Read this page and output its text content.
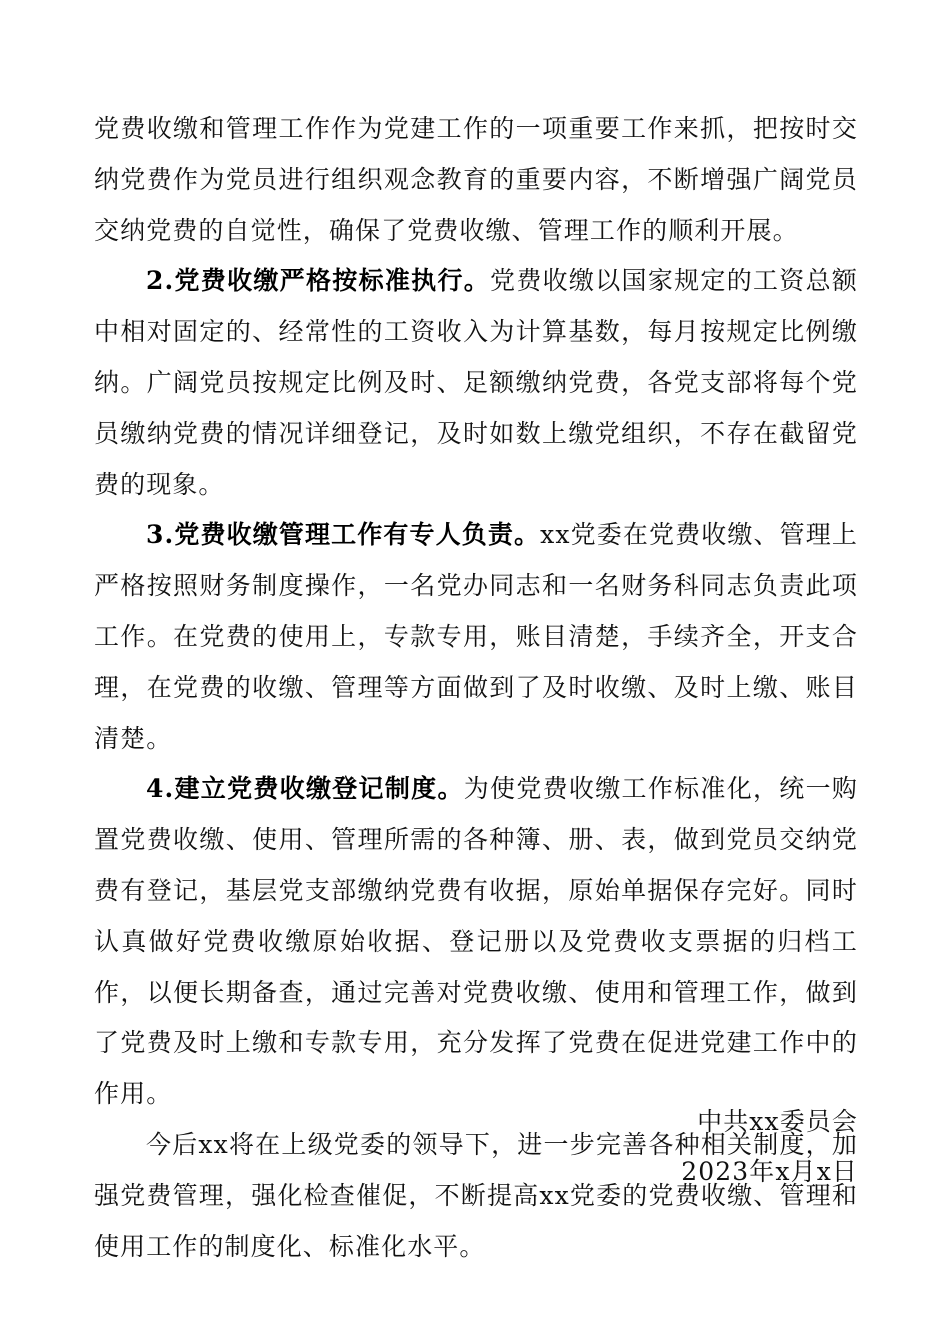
党费收缴和管理工作作为党建工作的一项重要工作来抓，把按时交纳党费作为党员进行组织观念教育的重要内容，不断增强广阔党员交纳党费的自觉性，确保了党费收缴、管理工作的顺利开展。

2.党费收缴严格按标准执行。党费收缴以国家规定的工资总额中相对固定的、经常性的工资收入为计算基数，每月按规定比例缴纳。广阔党员按规定比例及时、足额缴纳党费，各党支部将每个党员缴纳党费的情况详细登记，及时如数上缴党组织，不存在截留党费的现象。

3.党费收缴管理工作有专人负责。xx党委在党费收缴、管理上严格按照财务制度操作，一名党办同志和一名财务科同志负责此项工作。在党费的使用上，专款专用，账目清楚，手续齐全，开支合理，在党费的收缴、管理等方面做到了及时收缴、及时上缴、账目清楚。

4.建立党费收缴登记制度。为使党费收缴工作标准化，统一购置党费收缴、使用、管理所需的各种簿、册、表，做到党员交纳党费有登记，基层党支部缴纳党费有收据，原始单据保存完好。同时认真做好党费收缴原始收据、登记册以及党费收支票据的归档工作，以便长期备查，通过完善对党费收缴、使用和管理工作，做到了党费及时上缴和专款专用，充分发挥了党费在促进党建工作中的作用。

今后xx将在上级党委的领导下，进一步完善各种相关制度，加强党费管理，强化检查催促，不断提高xx党委的党费收缴、管理和使用工作的制度化、标准化水平。

中共xx委员会
2023年x月x日
